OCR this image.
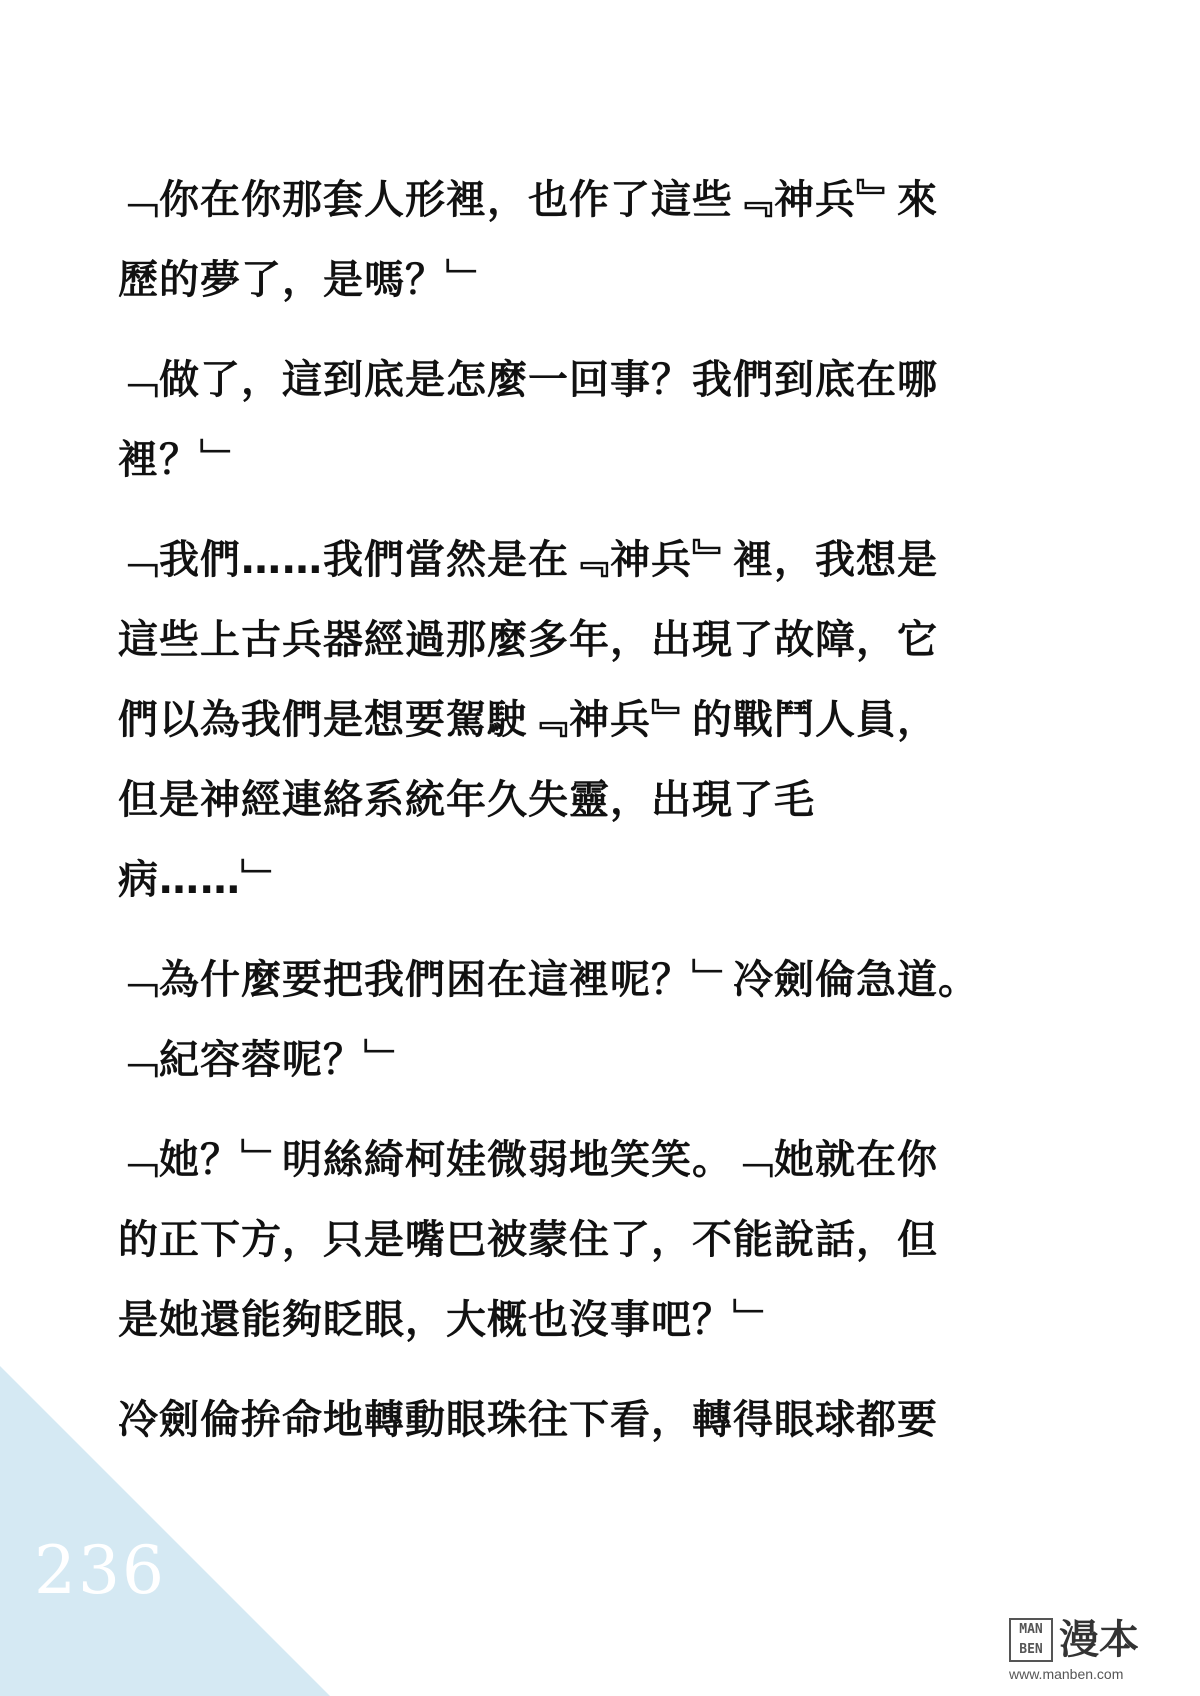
236
﹁你在你那套人形裡，也作了這些﹃神兵﹄來
歷的夢了，是嗎？﹂
﹁做了，這到底是怎麼一回事？我們到底在哪
裡？﹂
﹁我們……我們當然是在﹃神兵﹄裡，我想是
這些上古兵器經過那麼多年，出現了故障，它
們以為我們是想要駕駛﹃神兵﹄的戰鬥人員，
但是神經連絡系統年久失靈，出現了毛
病……﹂
﹁為什麼要把我們困在這裡呢？﹂冷劍倫急道。
﹁紀容蓉呢？﹂
﹁她？﹂明絲綺柯娃微弱地笑笑。﹁她就在你
的正下方，只是嘴巴被蒙住了，不能說話，但
是她還能夠眨眼，大概也沒事吧？﹂
冷劍倫拚命地轉動眼珠往下看，轉得眼球都要
MAN
BEN 漫本
www.manben.com
